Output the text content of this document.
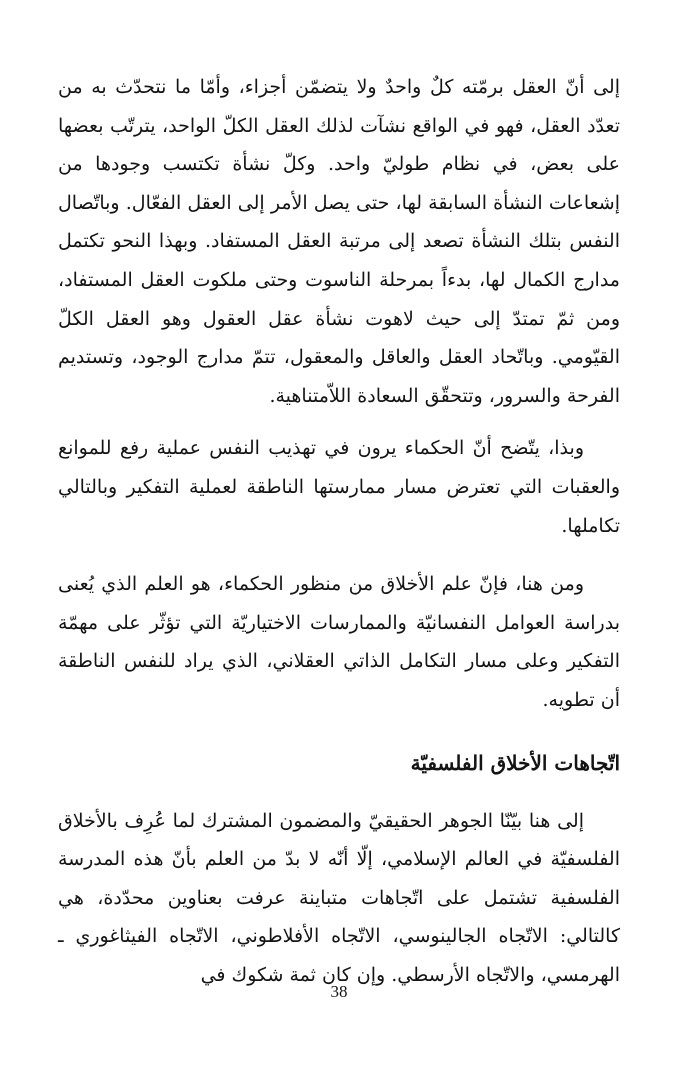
إلى أنّ العقل برمّته كلٌ واحدٌ ولا يتضمّن أجزاء، وأمّا ما نتحدّث به من تعدّد العقل، فهو في الواقع نشآت لذلك العقل الكلّ الواحد، يترتّب بعضها على بعض، في نظام طوليّ واحد. وكلّ نشأة تكتسب وجودها من إشعاعات النشأة السابقة لها، حتى يصل الأمر إلى العقل الفعّال. وباتّصال النفس بتلك النشأة تصعد إلى مرتبة العقل المستفاد. وبهذا النحو تكتمل مدارج الكمال لها، بدءاً بمرحلة الناسوت وحتى ملكوت العقل المستفاد، ومن ثمّ تمتدّ إلى حيث لاهوت نشأة عقل العقول وهو العقل الكلّ القيّومي. وباتّحاد العقل والعاقل والمعقول، تتمّ مدارج الوجود، وتستديم الفرحة والسرور، وتتحقّق السعادة اللاّمتناهية.

وبذا، يتّضح أنّ الحكماء يرون في تهذيب النفس عملية رفع للموانع والعقبات التي تعترض مسار ممارستها الناطقة لعملية التفكير وبالتالي تكاملها.

ومن هنا، فإنّ علم الأخلاق من منظور الحكماء، هو العلم الذي يُعنى بدراسة العوامل النفسانيّة والممارسات الاختياريّة التي تؤثّر على مهمّة التفكير وعلى مسار التكامل الذاتي العقلاني، الذي يراد للنفس الناطقة أن تطويه.

اتّجاهات الأخلاق الفلسفيّة

إلى هنا بيّنّا الجوهر الحقيقيّ والمضمون المشترك لما عُرِف بالأخلاق الفلسفيّة في العالم الإسلامي، إلّا أنّه لا بدّ من العلم بأنّ هذه المدرسة الفلسفية تشتمل على اتّجاهات متباينة عرفت بعناوين محدّدة، هي كالتالي: الاتّجاه الجالينوسي، الاتّجاه الأفلاطوني، الاتّجاه الفيثاغوري ـ الهرمسي، والاتّجاه الأرسطي. وإن كان ثمة شكوك في

38
